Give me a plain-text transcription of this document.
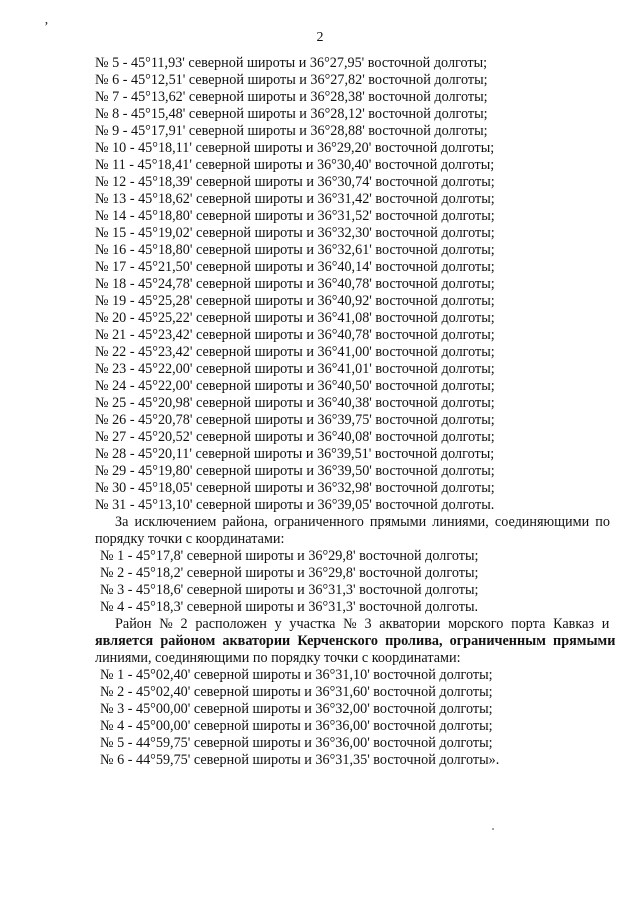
’
2
№ 5 - 45°11,93' северной широты и 36°27,95' восточной долготы;
№ 6 - 45°12,51' северной широты и 36°27,82' восточной долготы;
№ 7 - 45°13,62' северной широты и 36°28,38' восточной долготы;
№ 8 - 45°15,48' северной широты и 36°28,12' восточной долготы;
№ 9 - 45°17,91' северной широты и 36°28,88' восточной долготы;
№ 10 - 45°18,11' северной широты и 36°29,20' восточной долготы;
№ 11 - 45°18,41' северной широты и 36°30,40' восточной долготы;
№ 12 - 45°18,39' северной широты и 36°30,74' восточной долготы;
№ 13 - 45°18,62' северной широты и 36°31,42' восточной долготы;
№ 14 - 45°18,80' северной широты и 36°31,52' восточной долготы;
№ 15 - 45°19,02' северной широты и 36°32,30' восточной долготы;
№ 16 - 45°18,80' северной широты и 36°32,61' восточной долготы;
№ 17 - 45°21,50' северной широты и 36°40,14' восточной долготы;
№ 18 - 45°24,78' северной широты и 36°40,78' восточной долготы;
№ 19 - 45°25,28' северной широты и 36°40,92' восточной долготы;
№ 20 - 45°25,22' северной широты и 36°41,08' восточной долготы;
№ 21 - 45°23,42' северной широты и 36°40,78' восточной долготы;
№ 22 - 45°23,42' северной широты и 36°41,00' восточной долготы;
№ 23 - 45°22,00' северной широты и 36°41,01' восточной долготы;
№ 24 - 45°22,00' северной широты и 36°40,50' восточной долготы;
№ 25 - 45°20,98' северной широты и 36°40,38' восточной долготы;
№ 26 - 45°20,78' северной широты и 36°39,75' восточной долготы;
№ 27 - 45°20,52' северной широты и 36°40,08' восточной долготы;
№ 28 - 45°20,11' северной широты и 36°39,51' восточной долготы;
№ 29 - 45°19,80' северной широты и 36°39,50' восточной долготы;
№ 30 - 45°18,05' северной широты и 36°32,98' восточной долготы;
№ 31 - 45°13,10' северной широты и 36°39,05' восточной долготы.
За исключением района, ограниченного прямыми линиями, соединяющими по порядку точки с координатами:
№ 1 - 45°17,8' северной широты и 36°29,8' восточной долготы;
№ 2 - 45°18,2' северной широты и 36°29,8' восточной долготы;
№ 3 - 45°18,6' северной широты и 36°31,3' восточной долготы;
№ 4 - 45°18,3' северной широты и 36°31,3' восточной долготы.
Район № 2 расположен у участка № 3 акватории морского порта Кавказ и
является районом акватории Керченского пролива, ограниченным прямыми
линиями, соединяющими по порядку точки с координатами:
№ 1 - 45°02,40' северной широты и 36°31,10' восточной долготы;
№ 2 - 45°02,40' северной широты и 36°31,60' восточной долготы;
№ 3 - 45°00,00' северной широты и 36°32,00' восточной долготы;
№ 4 - 45°00,00' северной широты и 36°36,00' восточной долготы;
№ 5 - 44°59,75' северной широты и 36°36,00' восточной долготы;
№ 6 - 44°59,75' северной широты и 36°31,35' восточной долготы».
